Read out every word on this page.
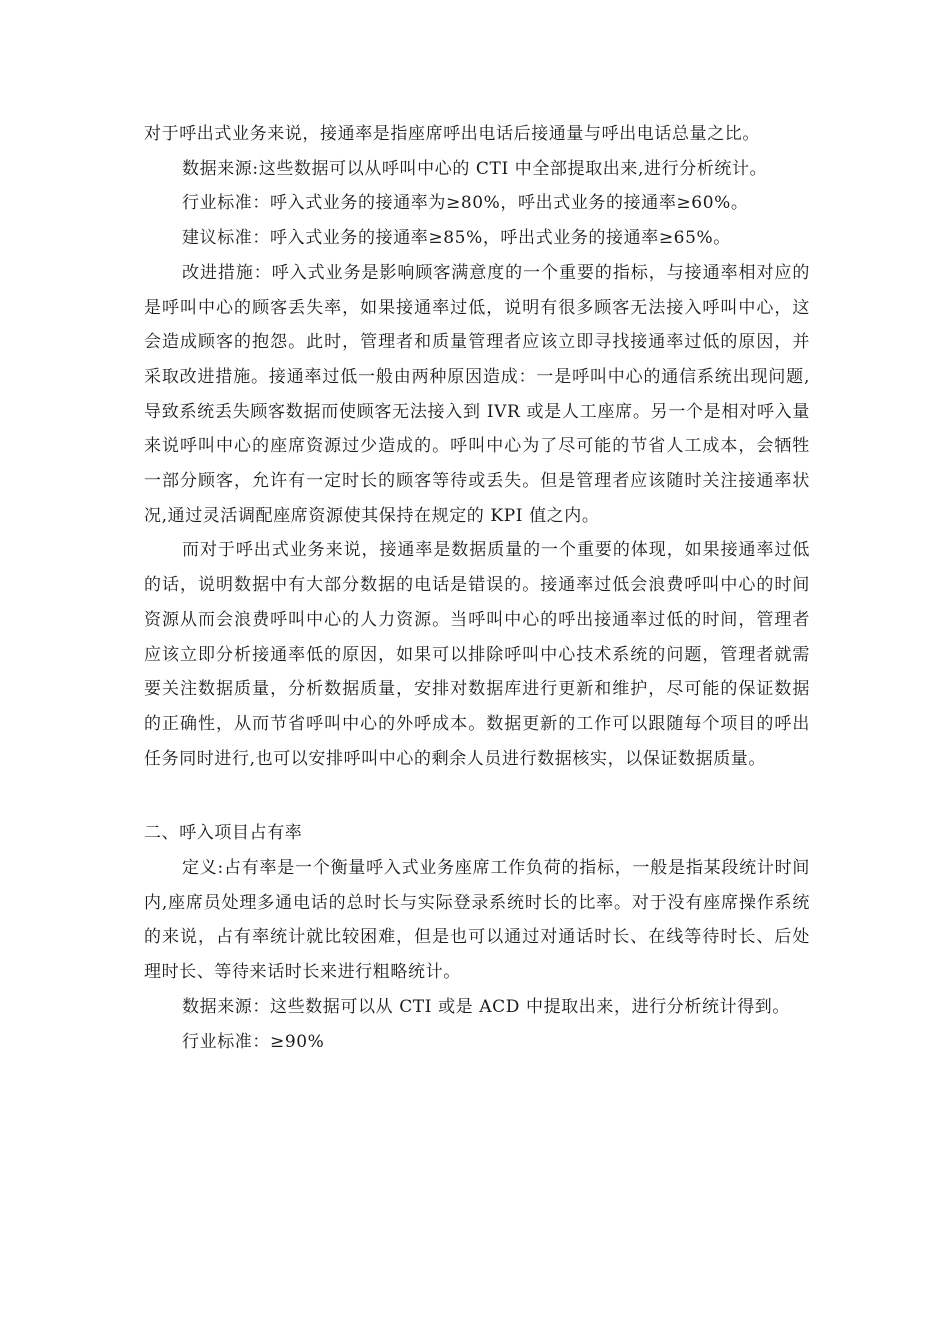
对于呼出式业务来说，接通率是指座席呼出电话后接通量与呼出电话总量之比。

数据来源:这些数据可以从呼叫中心的 CTI 中全部提取出来,进行分析统计。

行业标准：呼入式业务的接通率为≥80%，呼出式业务的接通率≥60%。

建议标准：呼入式业务的接通率≥85%，呼出式业务的接通率≥65%。

改进措施：呼入式业务是影响顾客满意度的一个重要的指标，与接通率相对应的是呼叫中心的顾客丢失率，如果接通率过低，说明有很多顾客无法接入呼叫中心，这会造成顾客的抱怨。此时，管理者和质量管理者应该立即寻找接通率过低的原因，并采取改进措施。接通率过低一般由两种原因造成：一是呼叫中心的通信系统出现问题,导致系统丢失顾客数据而使顾客无法接入到 IVR 或是人工座席。另一个是相对呼入量来说呼叫中心的座席资源过少造成的。呼叫中心为了尽可能的节省人工成本，会牺牲一部分顾客，允许有一定时长的顾客等待或丢失。但是管理者应该随时关注接通率状况,通过灵活调配座席资源使其保持在规定的 KPI 值之内。

而对于呼出式业务来说，接通率是数据质量的一个重要的体现，如果接通率过低的话，说明数据中有大部分数据的电话是错误的。接通率过低会浪费呼叫中心的时间资源从而会浪费呼叫中心的人力资源。当呼叫中心的呼出接通率过低的时间，管理者应该立即分析接通率低的原因，如果可以排除呼叫中心技术系统的问题，管理者就需要关注数据质量，分析数据质量，安排对数据库进行更新和维护，尽可能的保证数据的正确性，从而节省呼叫中心的外呼成本。数据更新的工作可以跟随每个项目的呼出任务同时进行,也可以安排呼叫中心的剩余人员进行数据核实，以保证数据质量。

二、呼入项目占有率

定义:占有率是一个衡量呼入式业务座席工作负荷的指标，一般是指某段统计时间内,座席员处理多通电话的总时长与实际登录系统时长的比率。对于没有座席操作系统的来说，占有率统计就比较困难，但是也可以通过对通话时长、在线等待时长、后处理时长、等待来话时长来进行粗略统计。

数据来源：这些数据可以从 CTI 或是 ACD 中提取出来，进行分析统计得到。

行业标准：≥90%
